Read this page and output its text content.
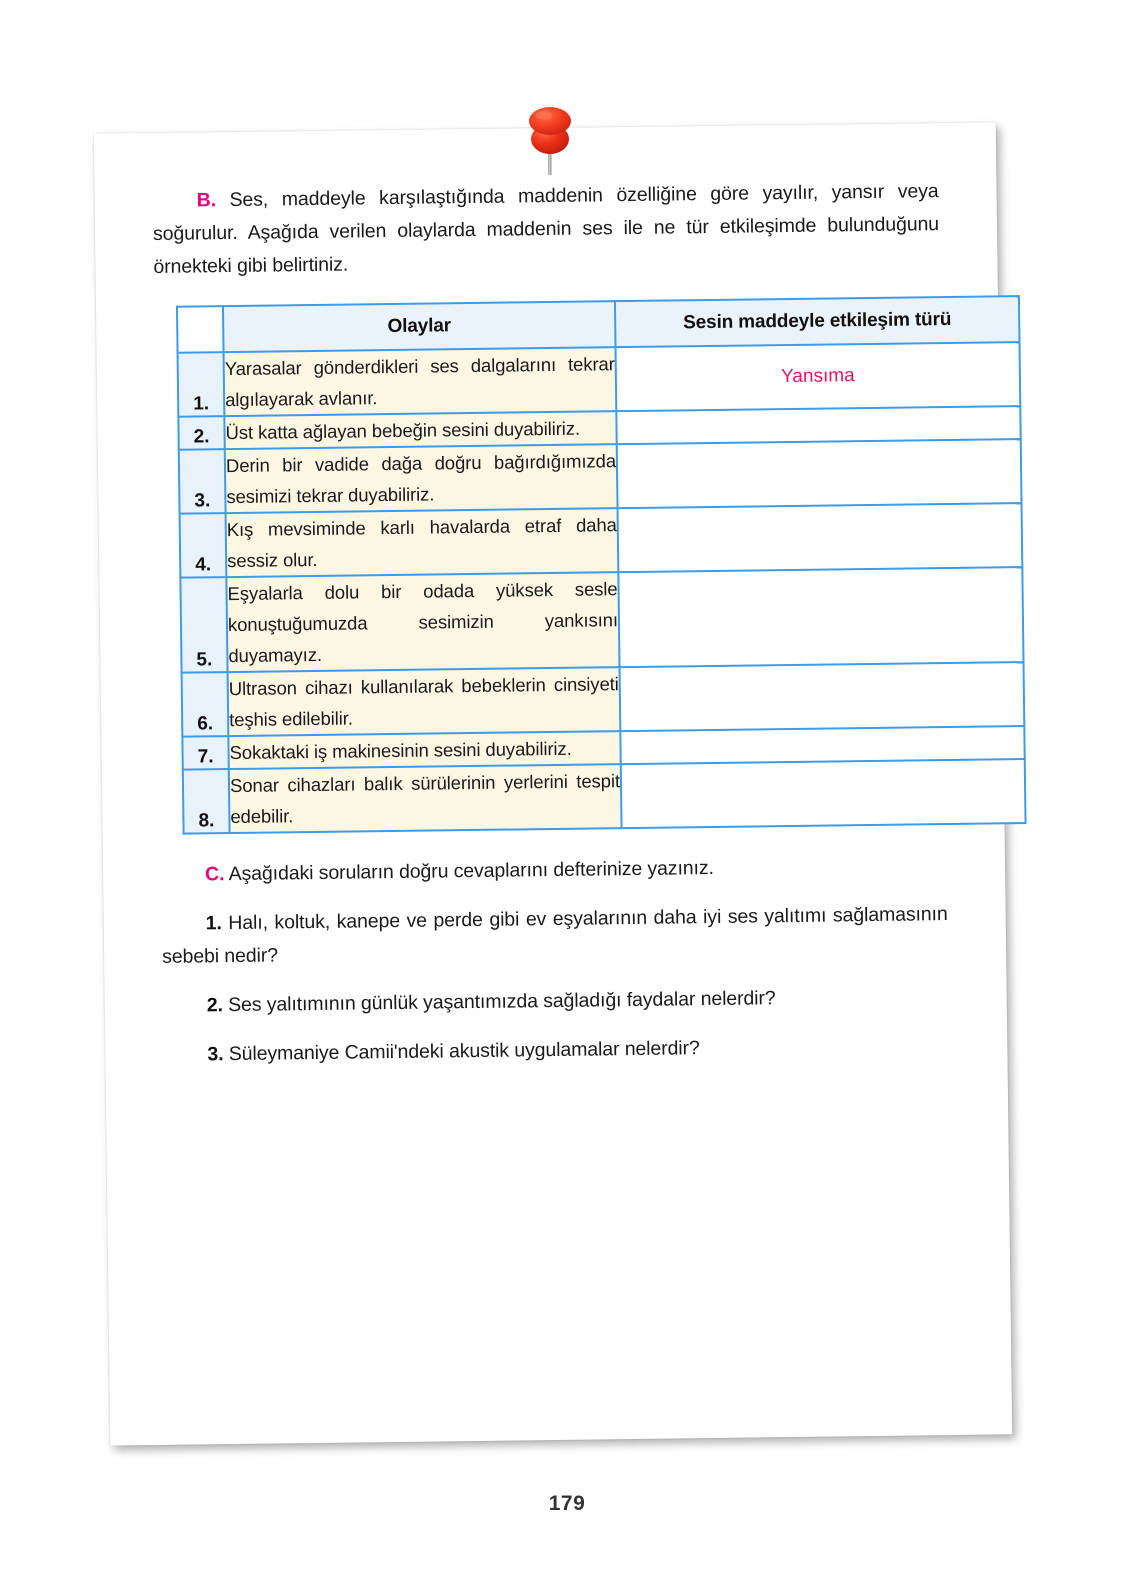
B. Ses, maddeyle karşılaştığında maddenin özelliğine göre yayılır, yansır veya soğurulur. Aşağıda verilen olaylarda maddenin ses ile ne tür etkileşimde bulunduğunu örnekteki gibi belirtiniz.

	Olaylar	Sesin maddeyle etkileşim türü
1.	Yarasalar gönderdikleri ses dalgalarını tekrar algılayarak avlanır.	Yansıma
2.	Üst katta ağlayan bebeğin sesini duyabiliriz.	
3.	Derin bir vadide dağa doğru bağırdığımızda sesimizi tekrar duyabiliriz.	
4.	Kış mevsiminde karlı havalarda etraf daha sessiz olur.	
5.	Eşyalarla dolu bir odada yüksek sesle konuştuğumuzda sesimizin yankısını duyamayız.	
6.	Ultrason cihazı kullanılarak bebeklerin cinsiyeti teşhis edilebilir.	
7.	Sokaktaki iş makinesinin sesini duyabiliriz.	
8.	Sonar cihazları balık sürülerinin yerlerini tespit edebilir.	

C. Aşağıdaki soruların doğru cevaplarını defterinize yazınız.

1. Halı, koltuk, kanepe ve perde gibi ev eşyalarının daha iyi ses yalıtımı sağlamasının sebebi nedir?

2. Ses yalıtımının günlük yaşantımızda sağladığı faydalar nelerdir?

3. Süleymaniye Camii'ndeki akustik uygulamalar nelerdir?

179
